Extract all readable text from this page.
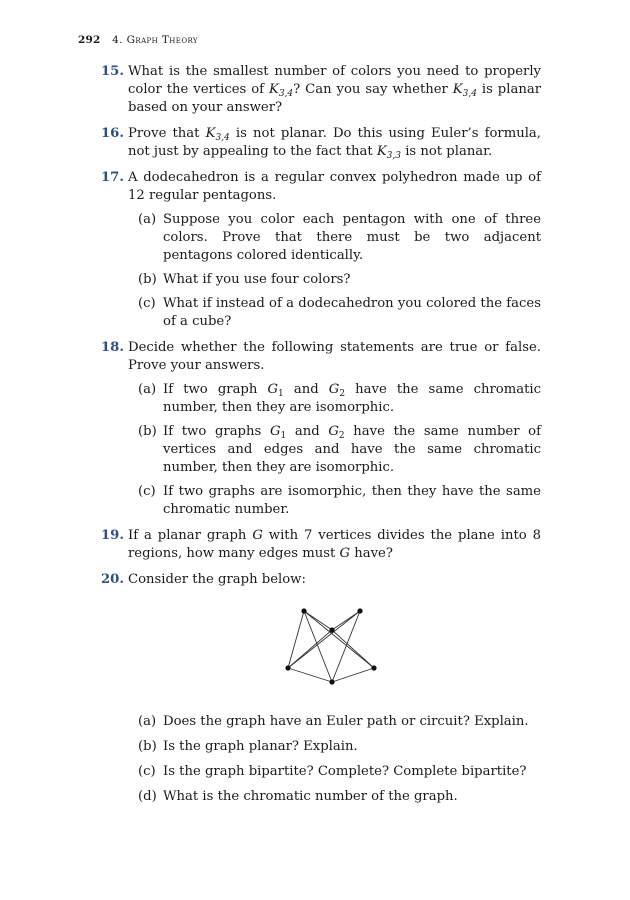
292 4. Graph Theory
15. What is the smallest number of colors you need to properly color the vertices of $K_{3,4}$? Can you say whether $K_{3,4}$ is planar based on your answer?

16. Prove that $K_{3,4}$ is not planar. Do this using Euler’s formula, not just by appealing to the fact that $K_{3,3}$ is not planar.

17. A dodecahedron is a regular convex polyhedron made up of 12 regular pentagons.

(a) Suppose you color each pentagon with one of three colors. Prove that there must be two adjacent pentagons colored identically.

(b) What if you use four colors?

(c) What if instead of a dodecahedron you colored the faces of a cube?

18. Decide whether the following statements are true or false. Prove your answers.

(a) If two graph $G_1$ and $G_2$ have the same chromatic number, then they are isomorphic.

(b) If two graphs $G_1$ and $G_2$ have the same number of vertices and edges and have the same chromatic number, then they are isomorphic.

(c) If two graphs are isomorphic, then they have the same chromatic number.

19. If a planar graph G with 7 vertices divides the plane into 8 regions, how many edges must G have?

20. Consider the graph below:

(a) Does the graph have an Euler path or circuit? Explain.

(b) Is the graph planar? Explain.

(c) Is the graph bipartite? Complete? Complete bipartite?

(d) What is the chromatic number of the graph.
